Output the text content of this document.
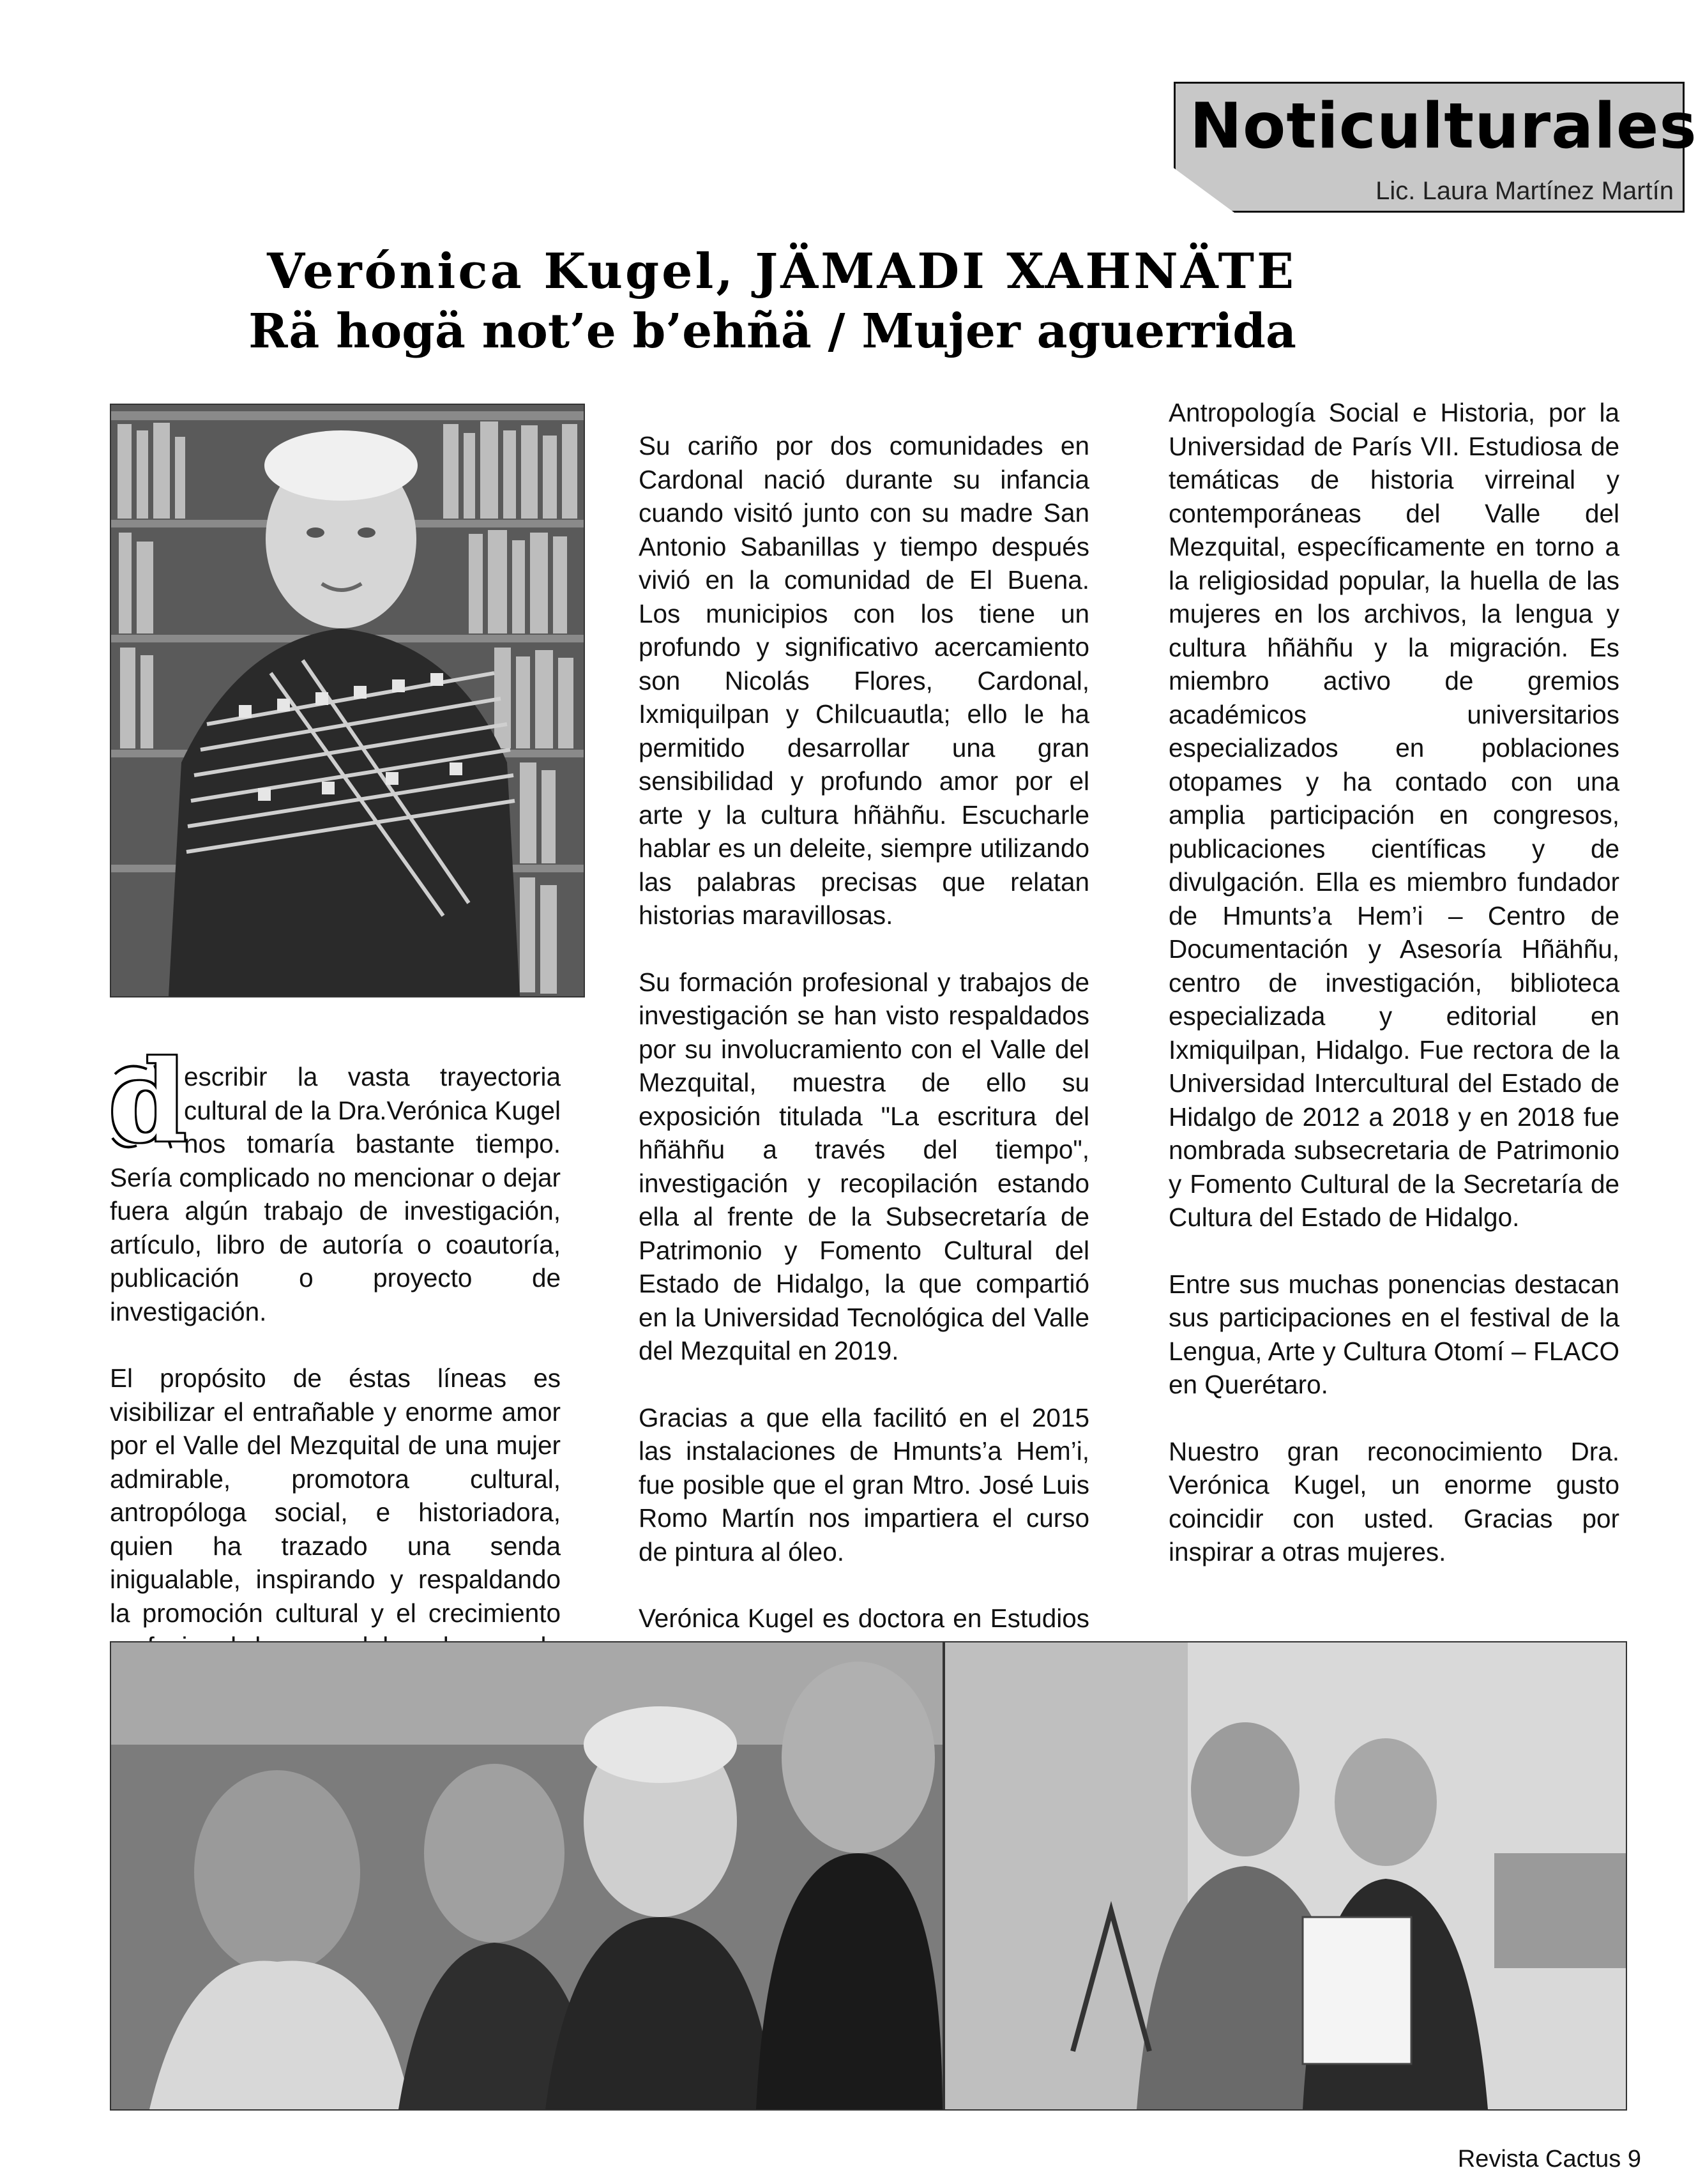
Noticulturales
Lic. Laura Martínez Martín
Verónica Kugel, JÄMADI XAHNÄTE
Rä hogä not’e b’ehñä / Mujer aguerrida

d
escribir la vasta trayectoria cultural de la Dra.Verónica Kugel nos tomaría bastante tiempo. Sería complicado no mencionar o dejar fuera algún trabajo de investigación, artículo, libro de autoría o coautoría, publicación o proyecto de investigación.

El propósito de éstas líneas es visibilizar el entrañable y enorme amor por el Valle del Mezquital de una mujer admirable, promotora cultural, antropóloga social, e historiadora, quien ha trazado una senda inigualable, inspirando y respaldando la promoción cultural y el crecimiento

Su cariño por dos comunidades en Cardonal nació durante su infancia cuando visitó junto con su madre San Antonio Sabanillas y tiempo después vivió en la comunidad de El Buena. Los municipios con los tiene un profundo y significativo acercamiento son Nicolás Flores, Cardonal, Ixmiquilpan y Chilcuautla; ello le ha permitido desarrollar una gran sensibilidad y profundo amor por el arte y la cultura hñähñu. Escucharle hablar es un deleite, siempre utilizando las palabras precisas que relatan historias maravillosas.

Su formación profesional y trabajos de investigación se han visto respaldados por su involucramiento con el Valle del Mezquital, muestra de ello su exposición titulada "La escritura del hñähñu a través del tiempo", investigación y recopilación estando ella al frente de la Subsecretaría de Patrimonio y Fomento Cultural del Estado de Hidalgo, la que compartió en la Universidad Tecnológica del Valle del Mezquital en 2019.

Gracias a que ella facilitó en el 2015 las instalaciones de Hmunts’a Hem’i, fue posible que el gran Mtro. José Luis Romo Martín nos impartiera el curso de pintura al óleo.

Verónica Kugel es doctora en Estudios

Antropología Social e Historia, por la Universidad de París VII. Estudiosa de temáticas de historia virreinal y contemporáneas del Valle del Mezquital, específicamente en torno a la religiosidad popular, la huella de las mujeres en los archivos, la lengua y cultura hñähñu y la migración. Es miembro activo de gremios académicos universitarios especializados en poblaciones otopames y ha contado con una amplia participación en congresos, publicaciones científicas y de divulgación. Ella es miembro fundador de Hmunts’a Hem’i – Centro de Documentación y Asesoría Hñähñu, centro de investigación, biblioteca especializada y editorial en Ixmiquilpan, Hidalgo. Fue rectora de la Universidad Intercultural del Estado de Hidalgo de 2012 a 2018 y en 2018 fue nombrada subsecretaria de Patrimonio y Fomento Cultural de la Secretaría de Cultura del Estado de Hidalgo.

Entre sus muchas ponencias destacan sus participaciones en el festival de la Lengua, Arte y Cultura Otomí – FLACO en Querétaro.

Nuestro gran reconocimiento Dra. Verónica Kugel, un enorme gusto coincidir con usted. Gracias por inspirar a otras mujeres.

Revista Cactus 9
